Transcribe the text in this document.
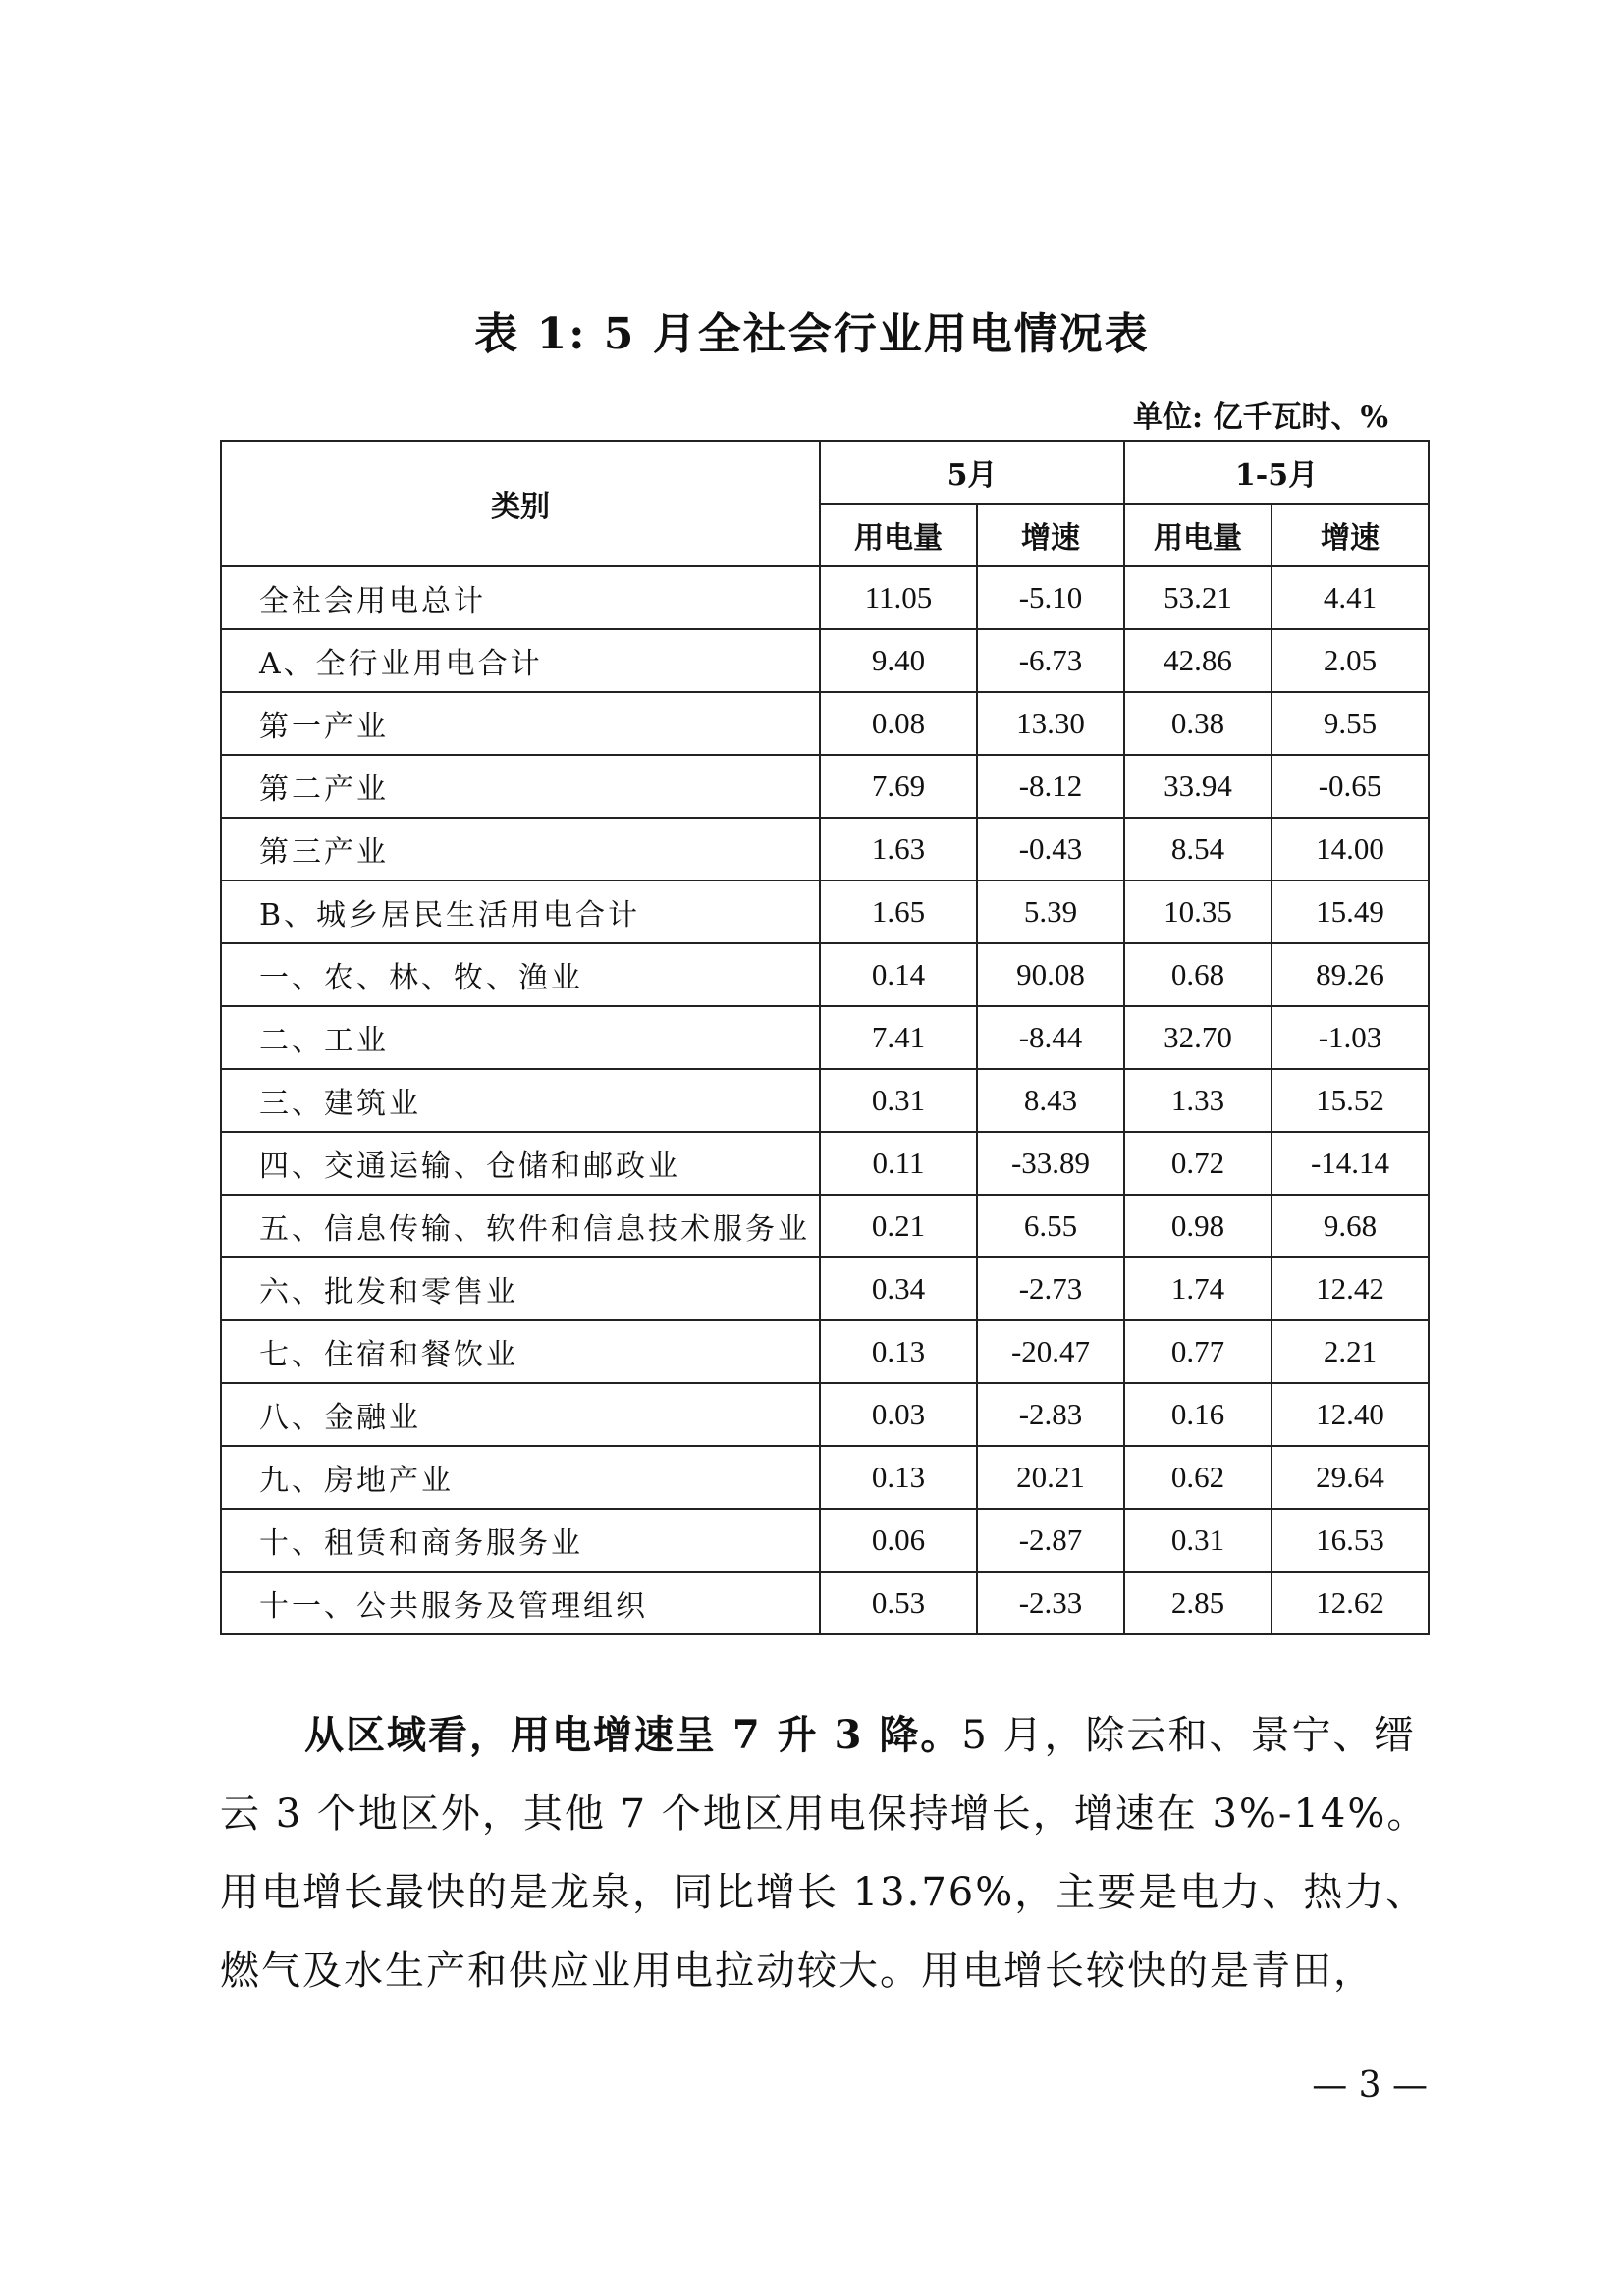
表 1: 5 月全社会行业用电情况表
单位: 亿千瓦时、%
类别	5月		1-5月	
	用电量	增速	用电量	增速
全社会用电总计	11.05	-5.10	53.21	4.41
A、全行业用电合计	9.40	-6.73	42.86	2.05
第一产业	0.08	13.30	0.38	9.55
第二产业	7.69	-8.12	33.94	-0.65
第三产业	1.63	-0.43	8.54	14.00
B、城乡居民生活用电合计	1.65	5.39	10.35	15.49
一、农、林、牧、渔业	0.14	90.08	0.68	89.26
二、工业	7.41	-8.44	32.70	-1.03
三、建筑业	0.31	8.43	1.33	15.52
四、交通运输、仓储和邮政业	0.11	-33.89	0.72	-14.14
五、信息传输、软件和信息技术服务业	0.21	6.55	0.98	9.68
六、批发和零售业	0.34	-2.73	1.74	12.42
七、住宿和餐饮业	0.13	-20.47	0.77	2.21
八、金融业	0.03	-2.83	0.16	12.40
九、房地产业	0.13	20.21	0.62	29.64
十、租赁和商务服务业	0.06	-2.87	0.31	16.53
十一、公共服务及管理组织	0.53	-2.33	2.85	12.62
从区域看，用电增速呈 7 升 3 降。5 月，除云和、景宁、缙
云 3 个地区外，其他 7 个地区用电保持增长，增速在 3%-14%。
用电增长最快的是龙泉，同比增长 13.76%，主要是电力、热力、
燃气及水生产和供应业用电拉动较大。用电增长较快的是青田，
— 3 —
